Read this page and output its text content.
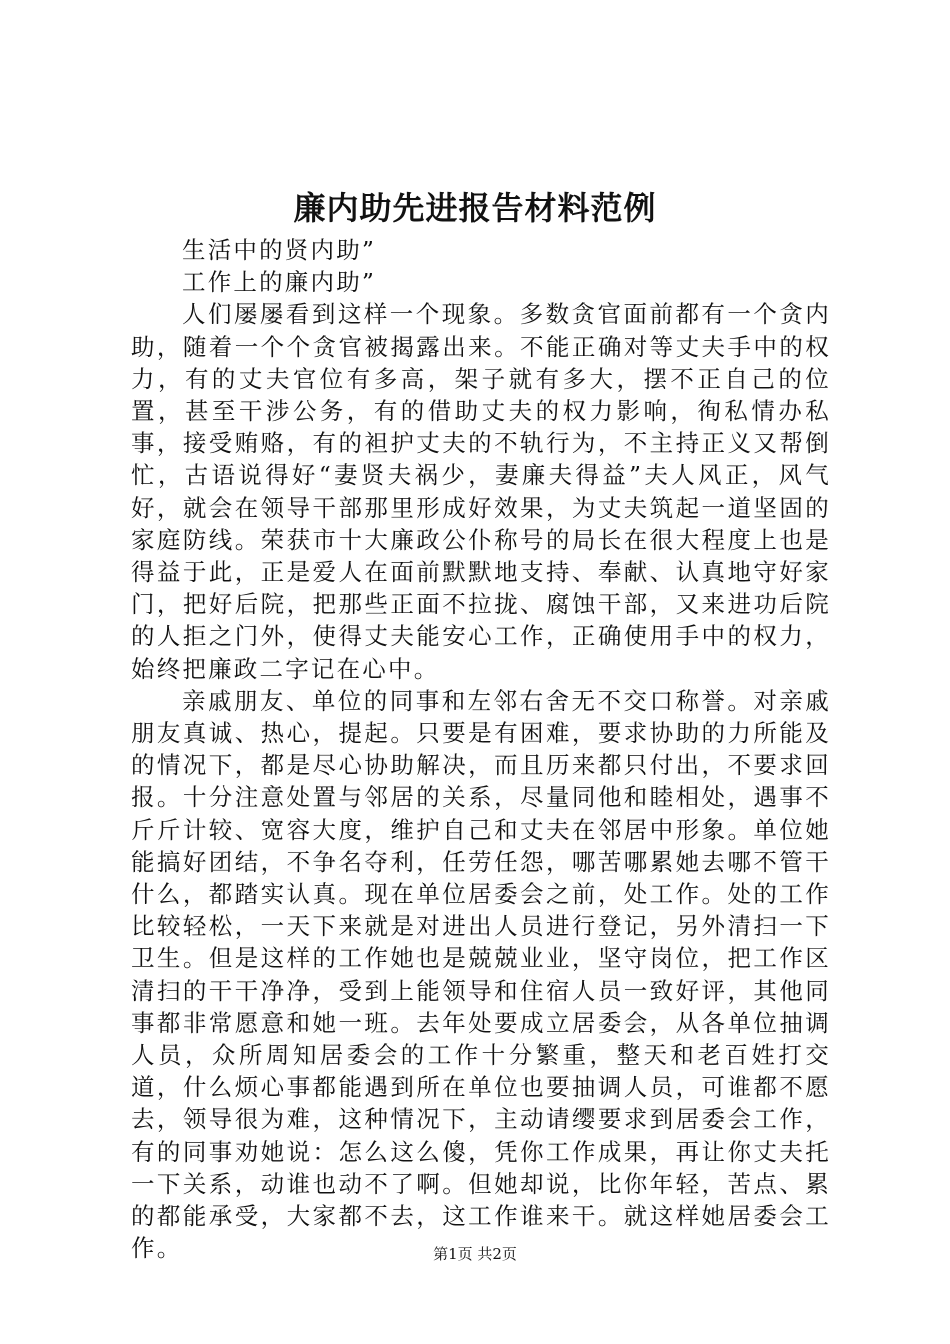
廉内助先进报告材料范例

生活中的贤内助”

工作上的廉内助”

人们屡屡看到这样一个现象。多数贪官面前都有一个贪内助，随着一个个贪官被揭露出来。不能正确对等丈夫手中的权力，有的丈夫官位有多高，架子就有多大，摆不正自己的位置，甚至干涉公务，有的借助丈夫的权力影响，徇私情办私事，接受贿赂，有的袒护丈夫的不轨行为，不主持正义又帮倒忙，古语说得好“妻贤夫祸少，妻廉夫得益”夫人风正，风气好，就会在领导干部那里形成好效果，为丈夫筑起一道坚固的家庭防线。荣获市十大廉政公仆称号的局长在很大程度上也是得益于此，正是爱人在面前默默地支持、奉献、认真地守好家门，把好后院，把那些正面不拉拢、腐蚀干部，又来进功后院的人拒之门外，使得丈夫能安心工作，正确使用手中的权力，始终把廉政二字记在心中。

亲戚朋友、单位的同事和左邻右舍无不交口称誉。对亲戚朋友真诚、热心，提起。只要是有困难，要求协助的力所能及的情况下，都是尽心协助解决，而且历来都只付出，不要求回报。十分注意处置与邻居的关系，尽量同他和睦相处，遇事不斤斤计较、宽容大度，维护自己和丈夫在邻居中形象。单位她能搞好团结，不争名夺利，任劳任怨，哪苦哪累她去哪不管干什么，都踏实认真。现在单位居委会之前，处工作。处的工作比较轻松，一天下来就是对进出人员进行登记，另外清扫一下卫生。但是这样的工作她也是兢兢业业，坚守岗位，把工作区清扫的干干净净，受到上能领导和住宿人员一致好评，其他同事都非常愿意和她一班。去年处要成立居委会，从各单位抽调人员，众所周知居委会的工作十分繁重，整天和老百姓打交道，什么烦心事都能遇到所在单位也要抽调人员，可谁都不愿去，领导很为难，这种情况下，主动请缨要求到居委会工作，有的同事劝她说：怎么这么傻，凭你工作成果，再让你丈夫托一下关系，动谁也动不了啊。但她却说，比你年轻，苦点、累的都能承受，大家都不去，这工作谁来干。就这样她居委会工作。	第1页 共2页
